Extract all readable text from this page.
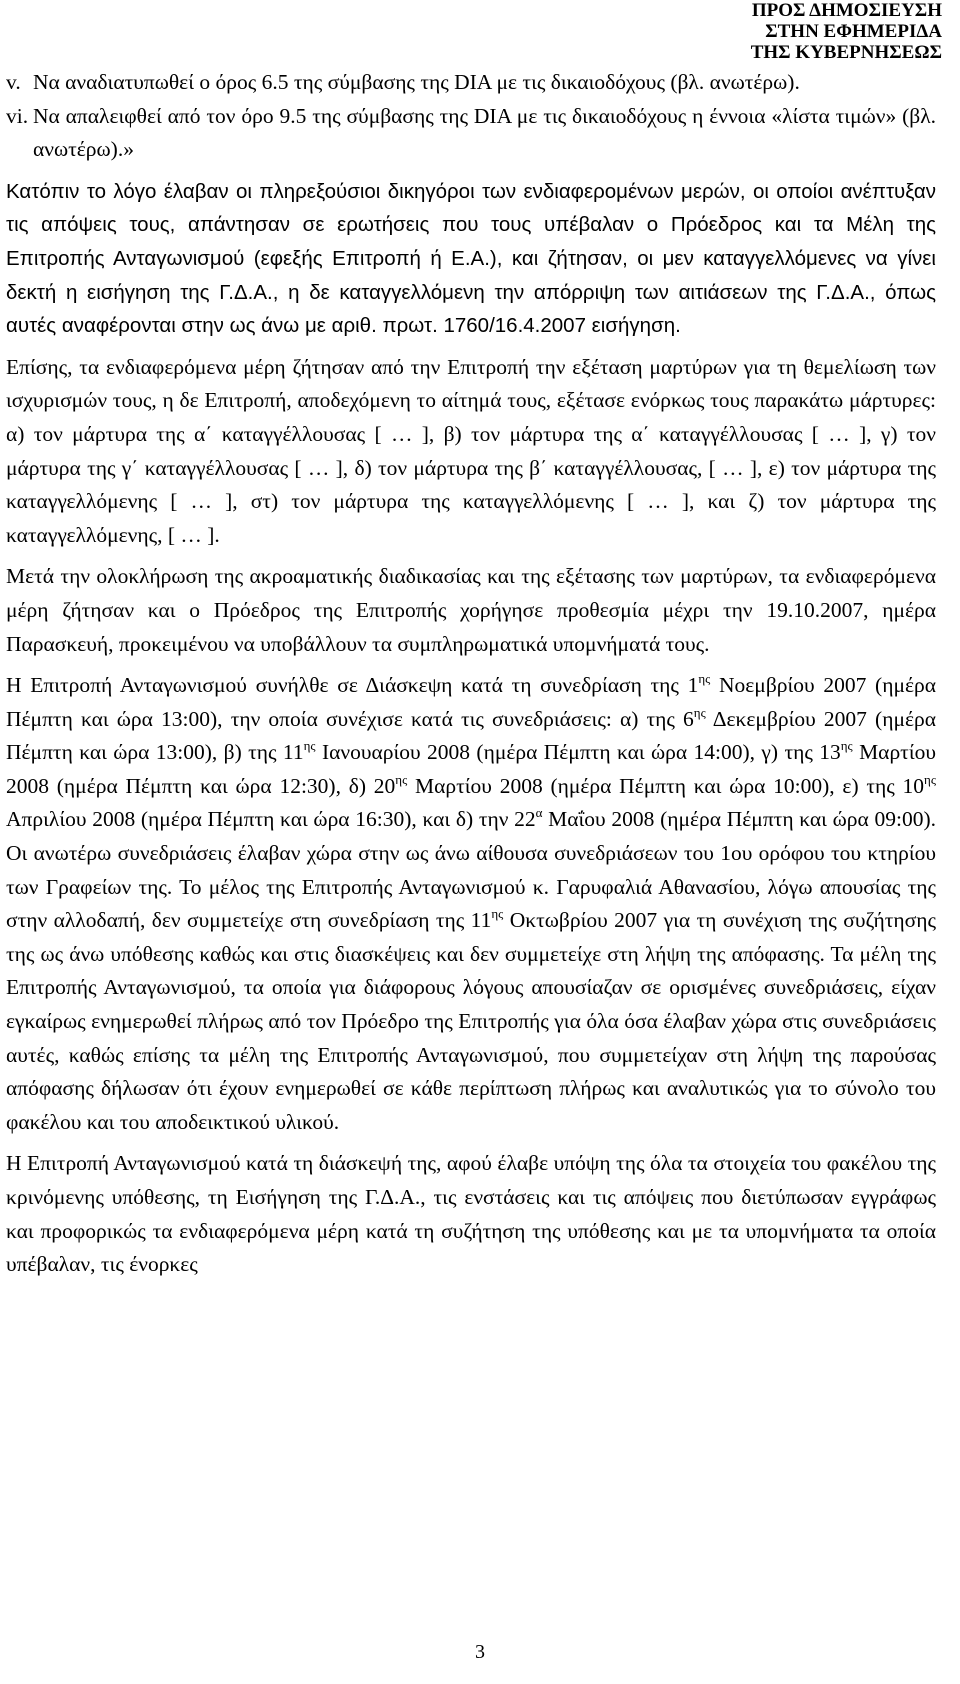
ΠΡΟΣ ΔΗΜΟΣΙΕΥΣΗ
ΣΤΗΝ ΕΦΗΜΕΡΙΔΑ
ΤΗΣ ΚΥΒΕΡΝΗΣΕΩΣ
v. Να αναδιατυπωθεί ο όρος 6.5 της σύμβασης της DIA με τις δικαιοδόχους (βλ. ανωτέρω).
vi. Να απαλειφθεί από τον όρο 9.5 της σύμβασης της DIA με τις δικαιοδόχους η έννοια «λίστα τιμών» (βλ. ανωτέρω).»

Κατόπιν το λόγο έλαβαν οι πληρεξούσιοι δικηγόροι των ενδιαφερομένων μερών, οι οποίοι ανέπτυξαν τις απόψεις τους, απάντησαν σε ερωτήσεις που τους υπέβαλαν ο Πρόεδρος και τα Μέλη της Επιτροπής Ανταγωνισμού (εφεξής Επιτροπή ή Ε.Α.), και ζήτησαν, οι μεν καταγγελλόμενες να γίνει δεκτή η εισήγηση της Γ.Δ.Α., η δε καταγγελλόμενη την απόρριψη των αιτιάσεων της Γ.Δ.Α., όπως αυτές αναφέρονται στην ως άνω με αριθ. πρωτ. 1760/16.4.2007 εισήγηση.

Επίσης, τα ενδιαφερόμενα μέρη ζήτησαν από την Επιτροπή την εξέταση μαρτύρων για τη θεμελίωση των ισχυρισμών τους, η δε Επιτροπή, αποδεχόμενη το αίτημά τους, εξέτασε ενόρκως τους παρακάτω μάρτυρες: α) τον μάρτυρα της α΄ καταγγέλλουσας [ … ], β) τον μάρτυρα της α΄ καταγγέλλουσας [ … ], γ) τον μάρτυρα της γ΄ καταγγέλλουσας [ … ], δ) τον μάρτυρα της β΄ καταγγέλλουσας, [ … ], ε) τον μάρτυρα της καταγγελλόμενης [ … ], στ) τον μάρτυρα της καταγγελλόμενης [ … ], και ζ) τον μάρτυρα της καταγγελλόμενης, [ … ].

Μετά την ολοκλήρωση της ακροαματικής διαδικασίας και της εξέτασης των μαρτύρων, τα ενδιαφερόμενα μέρη ζήτησαν και ο Πρόεδρος της Επιτροπής χορήγησε προθεσμία μέχρι την 19.10.2007, ημέρα Παρασκευή, προκειμένου να υποβάλλουν τα συμπληρωματικά υπομνήματά τους.

Η Επιτροπή Ανταγωνισμού συνήλθε σε Διάσκεψη κατά τη συνεδρίαση της $1^{\eta\varsigma}$ Νοεμβρίου 2007 (ημέρα Πέμπτη και ώρα 13:00), την οποία συνέχισε κατά τις συνεδριάσεις: α) της $6^{\eta\varsigma}$ Δεκεμβρίου 2007 (ημέρα Πέμπτη και ώρα 13:00), β) της $11^{\eta\varsigma}$ Ιανουαρίου 2008 (ημέρα Πέμπτη και ώρα 14:00), γ) της $13^{\eta\varsigma}$ Μαρτίου 2008 (ημέρα Πέμπτη και ώρα 12:30), δ) $20^{\eta\varsigma}$ Μαρτίου 2008 (ημέρα Πέμπτη και ώρα 10:00), ε) της $10^{\eta\varsigma}$ Απριλίου 2008 (ημέρα Πέμπτη και ώρα 16:30), και δ) την $22^\alpha$ Μαΐου 2008 (ημέρα Πέμπτη και ώρα 09:00). Οι ανωτέρω συνεδριάσεις έλαβαν χώρα στην ως άνω αίθουσα συνεδριάσεων του 1ου ορόφου του κτηρίου των Γραφείων της. Το μέλος της Επιτροπής Ανταγωνισμού κ. Γαρυφαλιά Αθανασίου, λόγω απουσίας της στην αλλοδαπή, δεν συμμετείχε στη συνεδρίαση της $11^{\eta\varsigma}$ Οκτωβρίου 2007 για τη συνέχιση της συζήτησης της ως άνω υπόθεσης καθώς και στις διασκέψεις και δεν συμμετείχε στη λήψη της απόφασης. Τα μέλη της Επιτροπής Ανταγωνισμού, τα οποία για διάφορους λόγους απουσίαζαν σε ορισμένες συνεδριάσεις, είχαν εγκαίρως ενημερωθεί πλήρως από τον Πρόεδρο της Επιτροπής για όλα όσα έλαβαν χώρα στις συνεδριάσεις αυτές, καθώς επίσης τα μέλη της Επιτροπής Ανταγωνισμού, που συμμετείχαν στη λήψη της παρούσας απόφασης δήλωσαν ότι έχουν ενημερωθεί σε κάθε περίπτωση πλήρως και αναλυτικώς για το σύνολο του φακέλου και του αποδεικτικού υλικού.

Η Επιτροπή Ανταγωνισμού κατά τη διάσκεψή της, αφού έλαβε υπόψη της όλα τα στοιχεία του φακέλου της κρινόμενης υπόθεσης, τη Εισήγηση της Γ.Δ.Α., τις ενστάσεις και τις απόψεις που διετύπωσαν εγγράφως και προφορικώς τα ενδιαφερόμενα μέρη κατά τη συζήτηση της υπόθεσης και με τα υπομνήματα τα οποία υπέβαλαν, τις ένορκες

3
